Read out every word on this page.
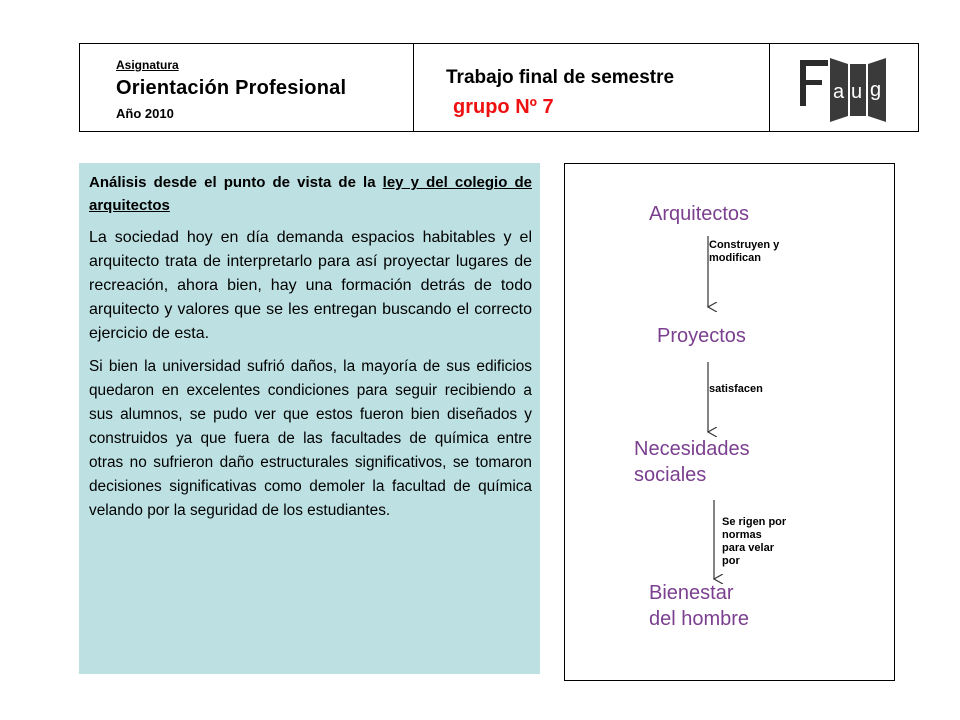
Asignatura
Orientación Profesional
Año 2010
Trabajo final de semestre
grupo Nº 7
a u g

Análisis desde el punto de vista de la ley y del colegio de arquitectos

La sociedad hoy en día demanda espacios habitables y el arquitecto trata de interpretarlo para así proyectar lugares de recreación, ahora bien, hay una formación detrás de todo arquitecto y valores que se les entregan buscando el correcto ejercicio de esta.

Si bien la universidad sufrió daños, la mayoría de sus edificios quedaron en excelentes condiciones para seguir recibiendo a sus alumnos, se pudo ver que estos fueron bien diseñados y construidos ya que fuera de las facultades de química entre otras no sufrieron daño estructurales significativos, se tomaron decisiones significativas como demoler la facultad de química velando por la seguridad de los estudiantes.

Arquitectos
Construyen y
modifican
Proyectos
satisfacen
Necesidades
sociales
Se rigen por
normas
para velar
por
Bienestar
del hombre
